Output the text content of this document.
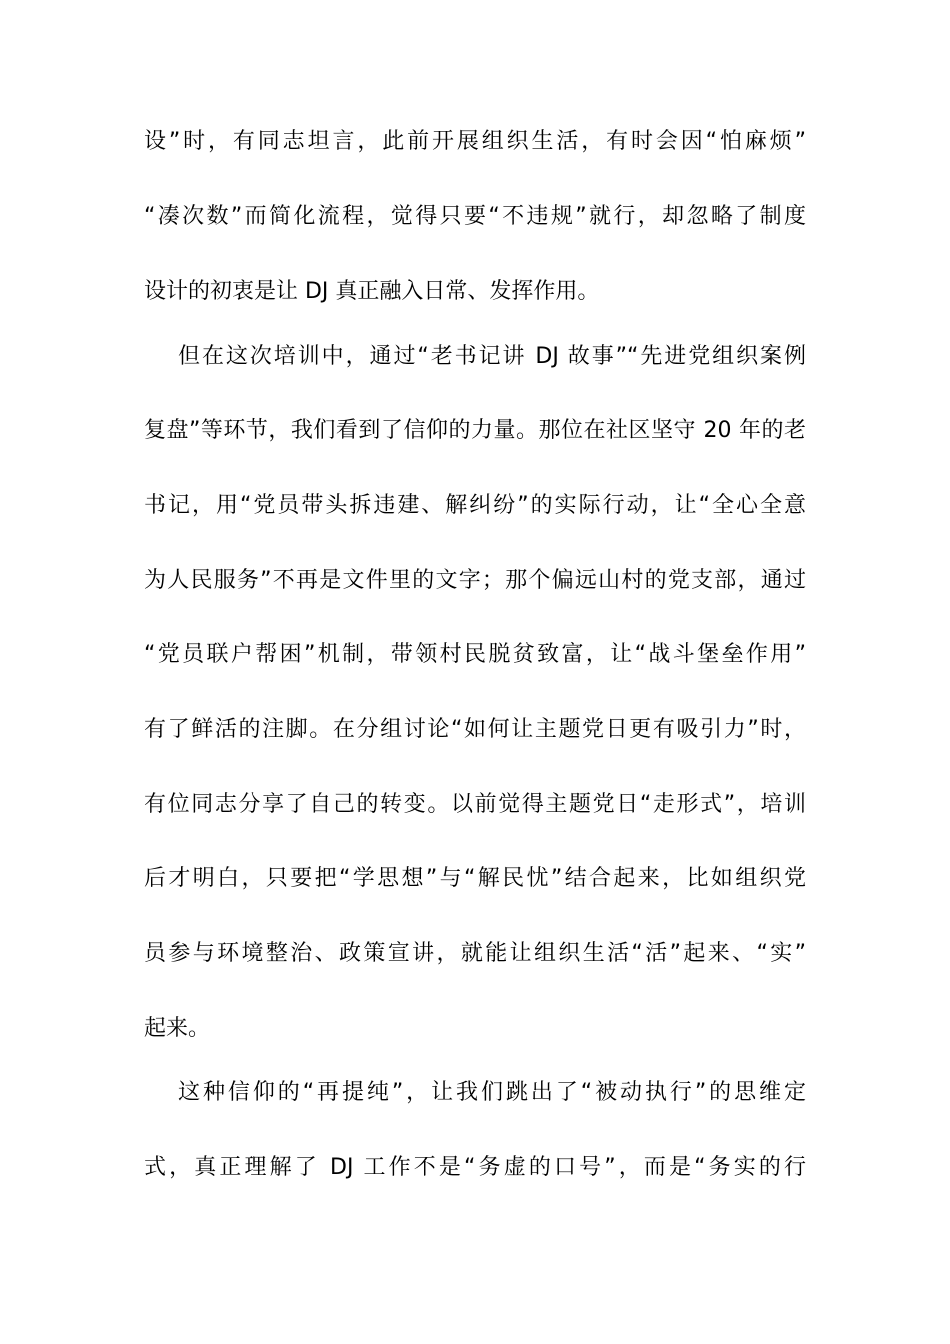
设”时，有同志坦言，此前开展组织生活，有时会因“怕麻烦”
“凑次数”而简化流程，觉得只要“不违规”就行，却忽略了制度
设计的初衷是让 DJ 真正融入日常、发挥作用。
但在这次培训中，通过“老书记讲 DJ 故事”“先进党组织案例
复盘”等环节，我们看到了信仰的力量。那位在社区坚守 20 年的老
书记，用“党员带头拆违建、解纠纷”的实际行动，让“全心全意
为人民服务”不再是文件里的文字；那个偏远山村的党支部，通过
“党员联户帮困”机制，带领村民脱贫致富，让“战斗堡垒作用”
有了鲜活的注脚。在分组讨论“如何让主题党日更有吸引力”时，
有位同志分享了自己的转变。以前觉得主题党日“走形式”，培训
后才明白，只要把“学思想”与“解民忧”结合起来，比如组织党
员参与环境整治、政策宣讲，就能让组织生活“活”起来、“实”
起来。
这种信仰的“再提纯”，让我们跳出了“被动执行”的思维定
式，真正理解了 DJ 工作不是“务虚的口号”，而是“务实的行
